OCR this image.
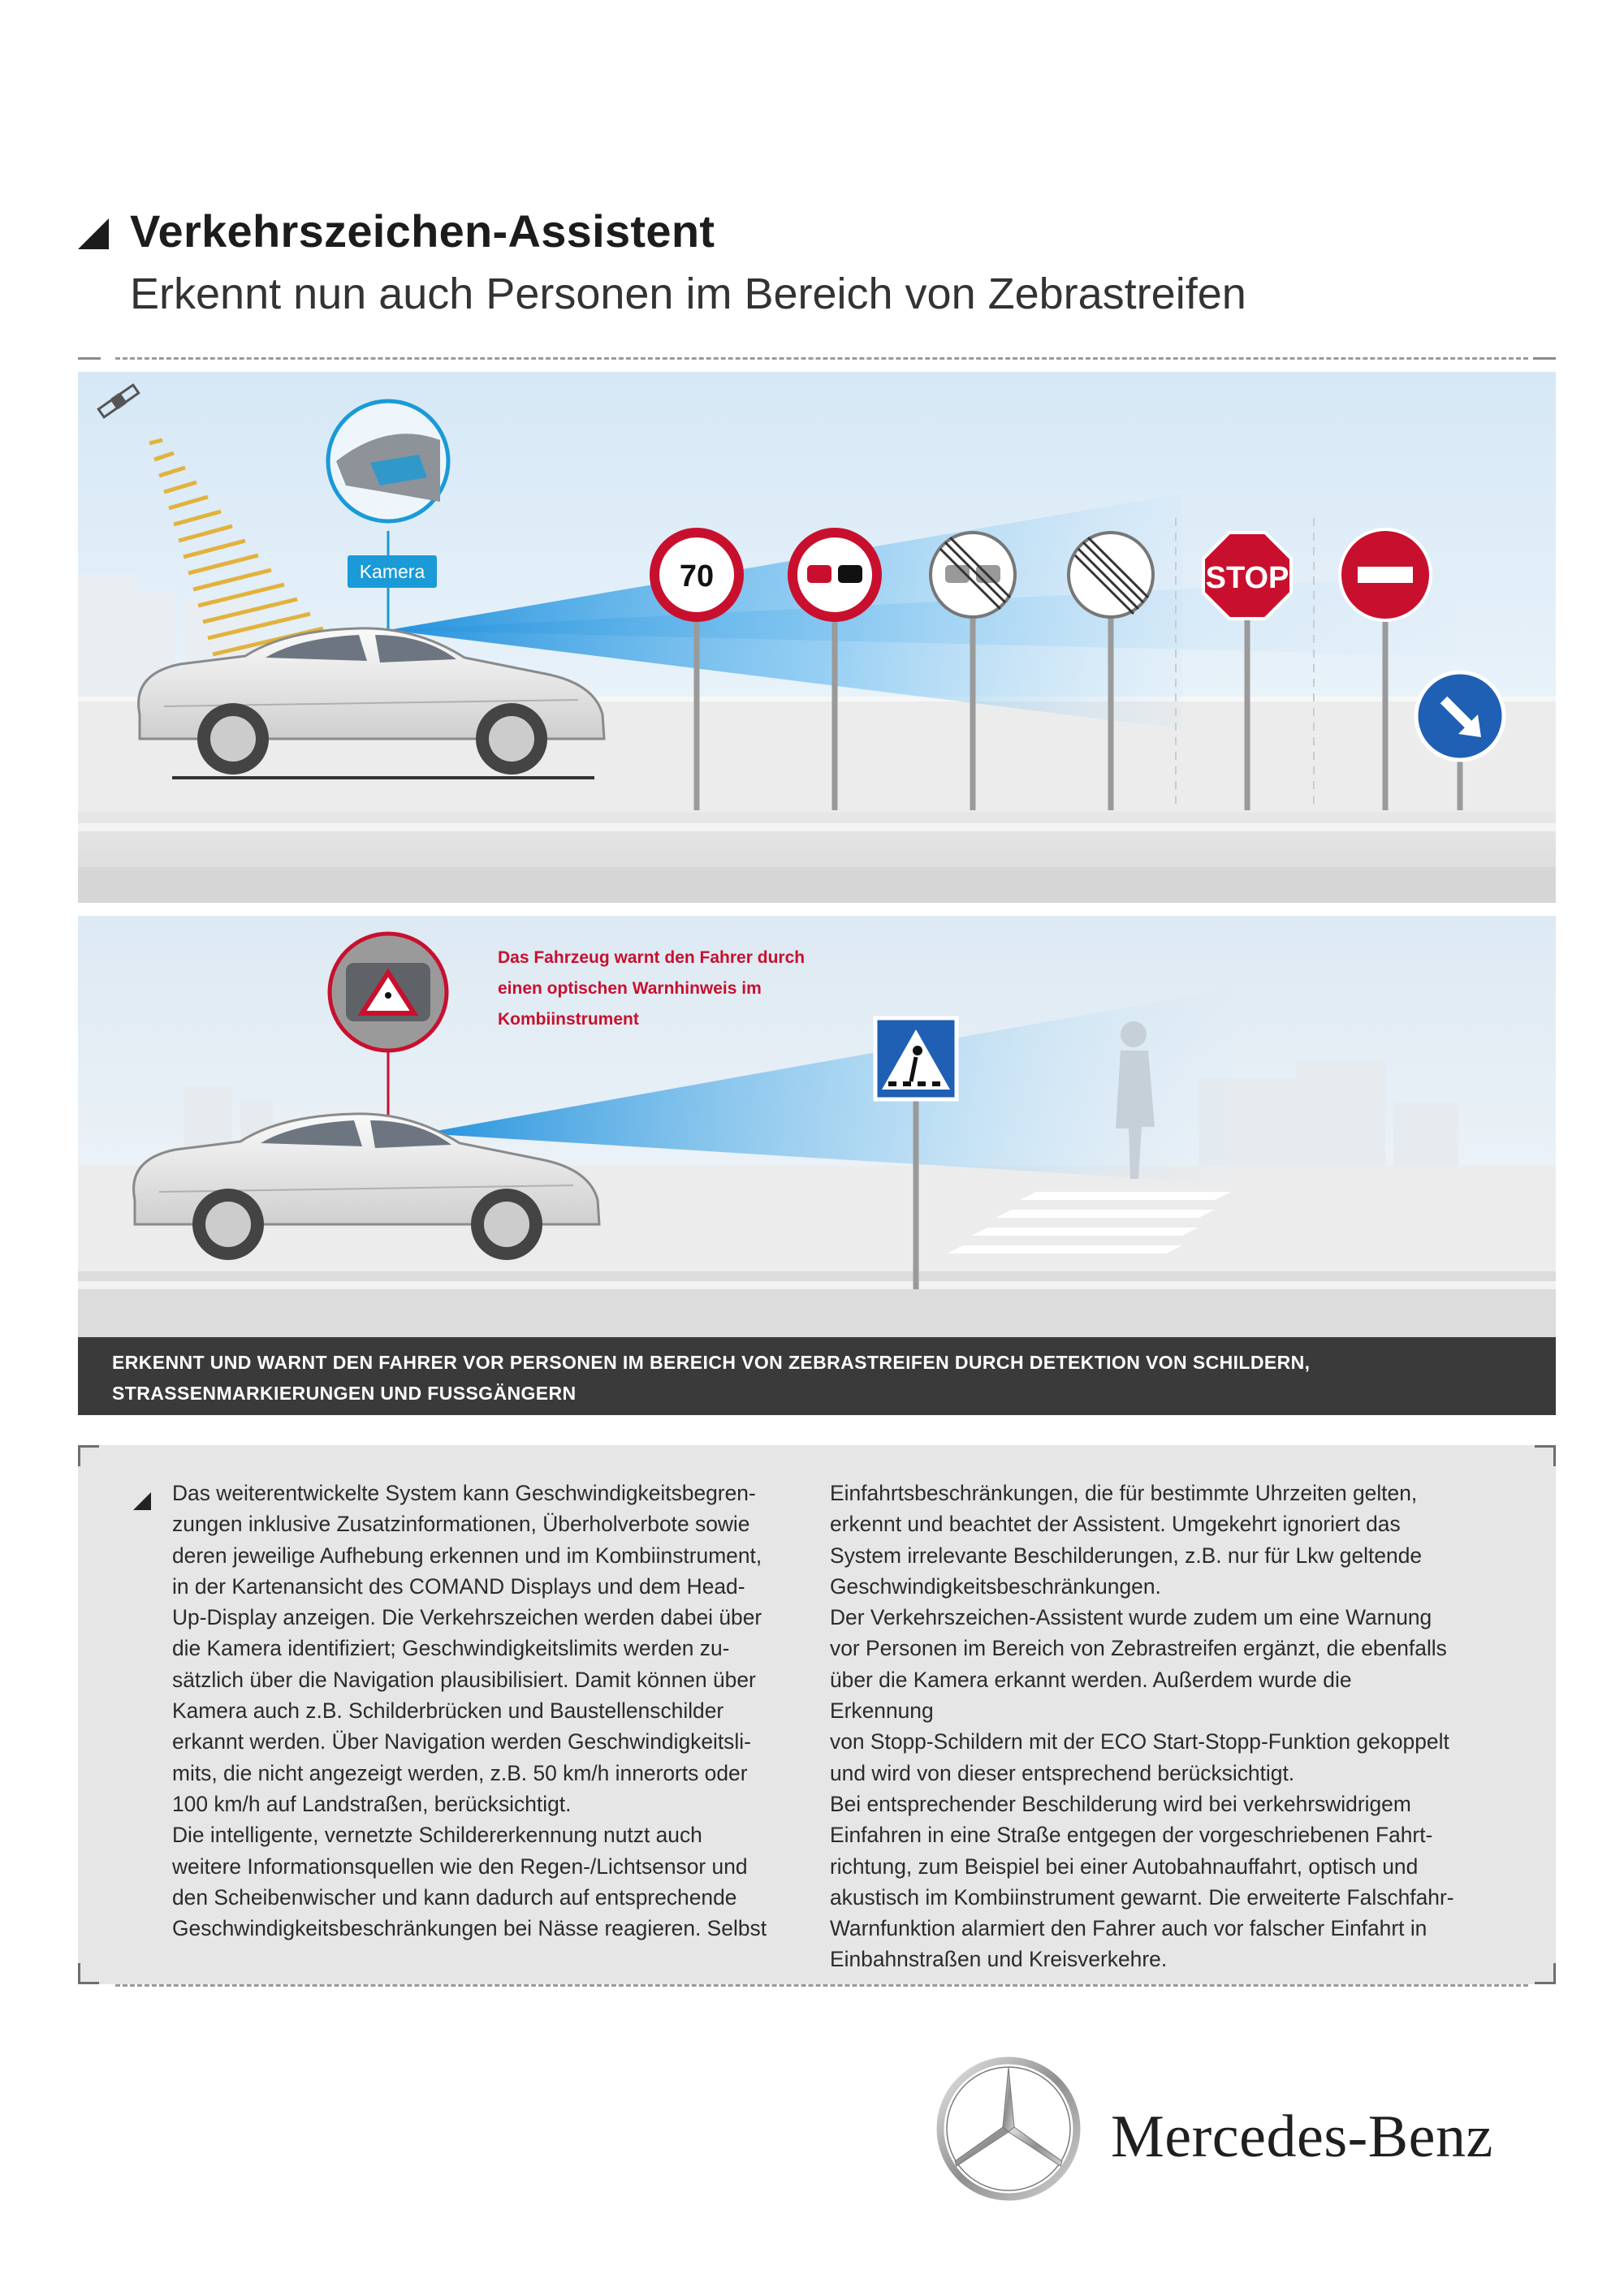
Verkehrszeichen-Assistent
Erkennt nun auch Personen im Bereich von Zebrastreifen
Kamera	70	STOP
Das Fahrzeug warnt den Fahrer durch
einen optischen Warnhinweis im
Kombiinstrument
ERKENNT UND WARNT DEN FAHRER VOR PERSONEN IM BEREICH VON ZEBRASTREIFEN DURCH DETEKTION VON SCHILDERN,
STRASSENMARKIERUNGEN UND FUSSGÄNGERN
Das weiterentwickelte System kann Geschwindigkeitsbegren-
zungen inklusive Zusatzinformationen, Überholverbote sowie
deren jeweilige Aufhebung erkennen und im Kombiinstrument,
in der Kartenansicht des COMAND Displays und dem Head-
Up-Display anzeigen. Die Verkehrszeichen werden dabei über
die Kamera identifiziert; Geschwindigkeitslimits werden zu-
sätzlich über die Navigation plausibilisiert. Damit können über
Kamera auch z.B. Schilderbrücken und Baustellenschilder
erkannt werden. Über Navigation werden Geschwindigkeitsli-
mits, die nicht angezeigt werden, z.B. 50 km/h innerorts oder
100 km/h auf Landstraßen, berücksichtigt.
Die intelligente, vernetzte Schildererkennung nutzt auch
weitere Informationsquellen wie den Regen-/Lichtsensor und
den Scheibenwischer und kann dadurch auf entsprechende
Geschwindigkeitsbeschränkungen bei Nässe reagieren. Selbst
Einfahrtsbeschränkungen, die für bestimmte Uhrzeiten gelten,
erkennt und beachtet der Assistent. Umgekehrt ignoriert das
System irrelevante Beschilderungen, z.B. nur für Lkw geltende
Geschwindigkeitsbeschränkungen.
Der Verkehrszeichen-Assistent wurde zudem um eine Warnung
vor Personen im Bereich von Zebrastreifen ergänzt, die ebenfalls
über die Kamera erkannt werden. Außerdem wurde die Erkennung
von Stopp-Schildern mit der ECO Start-Stopp-Funktion gekoppelt
und wird von dieser entsprechend berücksichtigt.
Bei entsprechender Beschilderung wird bei verkehrswidrigem
Einfahren in eine Straße entgegen der vorgeschriebenen Fahrt-
richtung, zum Beispiel bei einer Autobahnauffahrt, optisch und
akustisch im Kombiinstrument gewarnt. Die erweiterte Falschfahr-
Warnfunktion alarmiert den Fahrer auch vor falscher Einfahrt in
Einbahnstraßen und Kreisverkehre.
Mercedes-Benz
